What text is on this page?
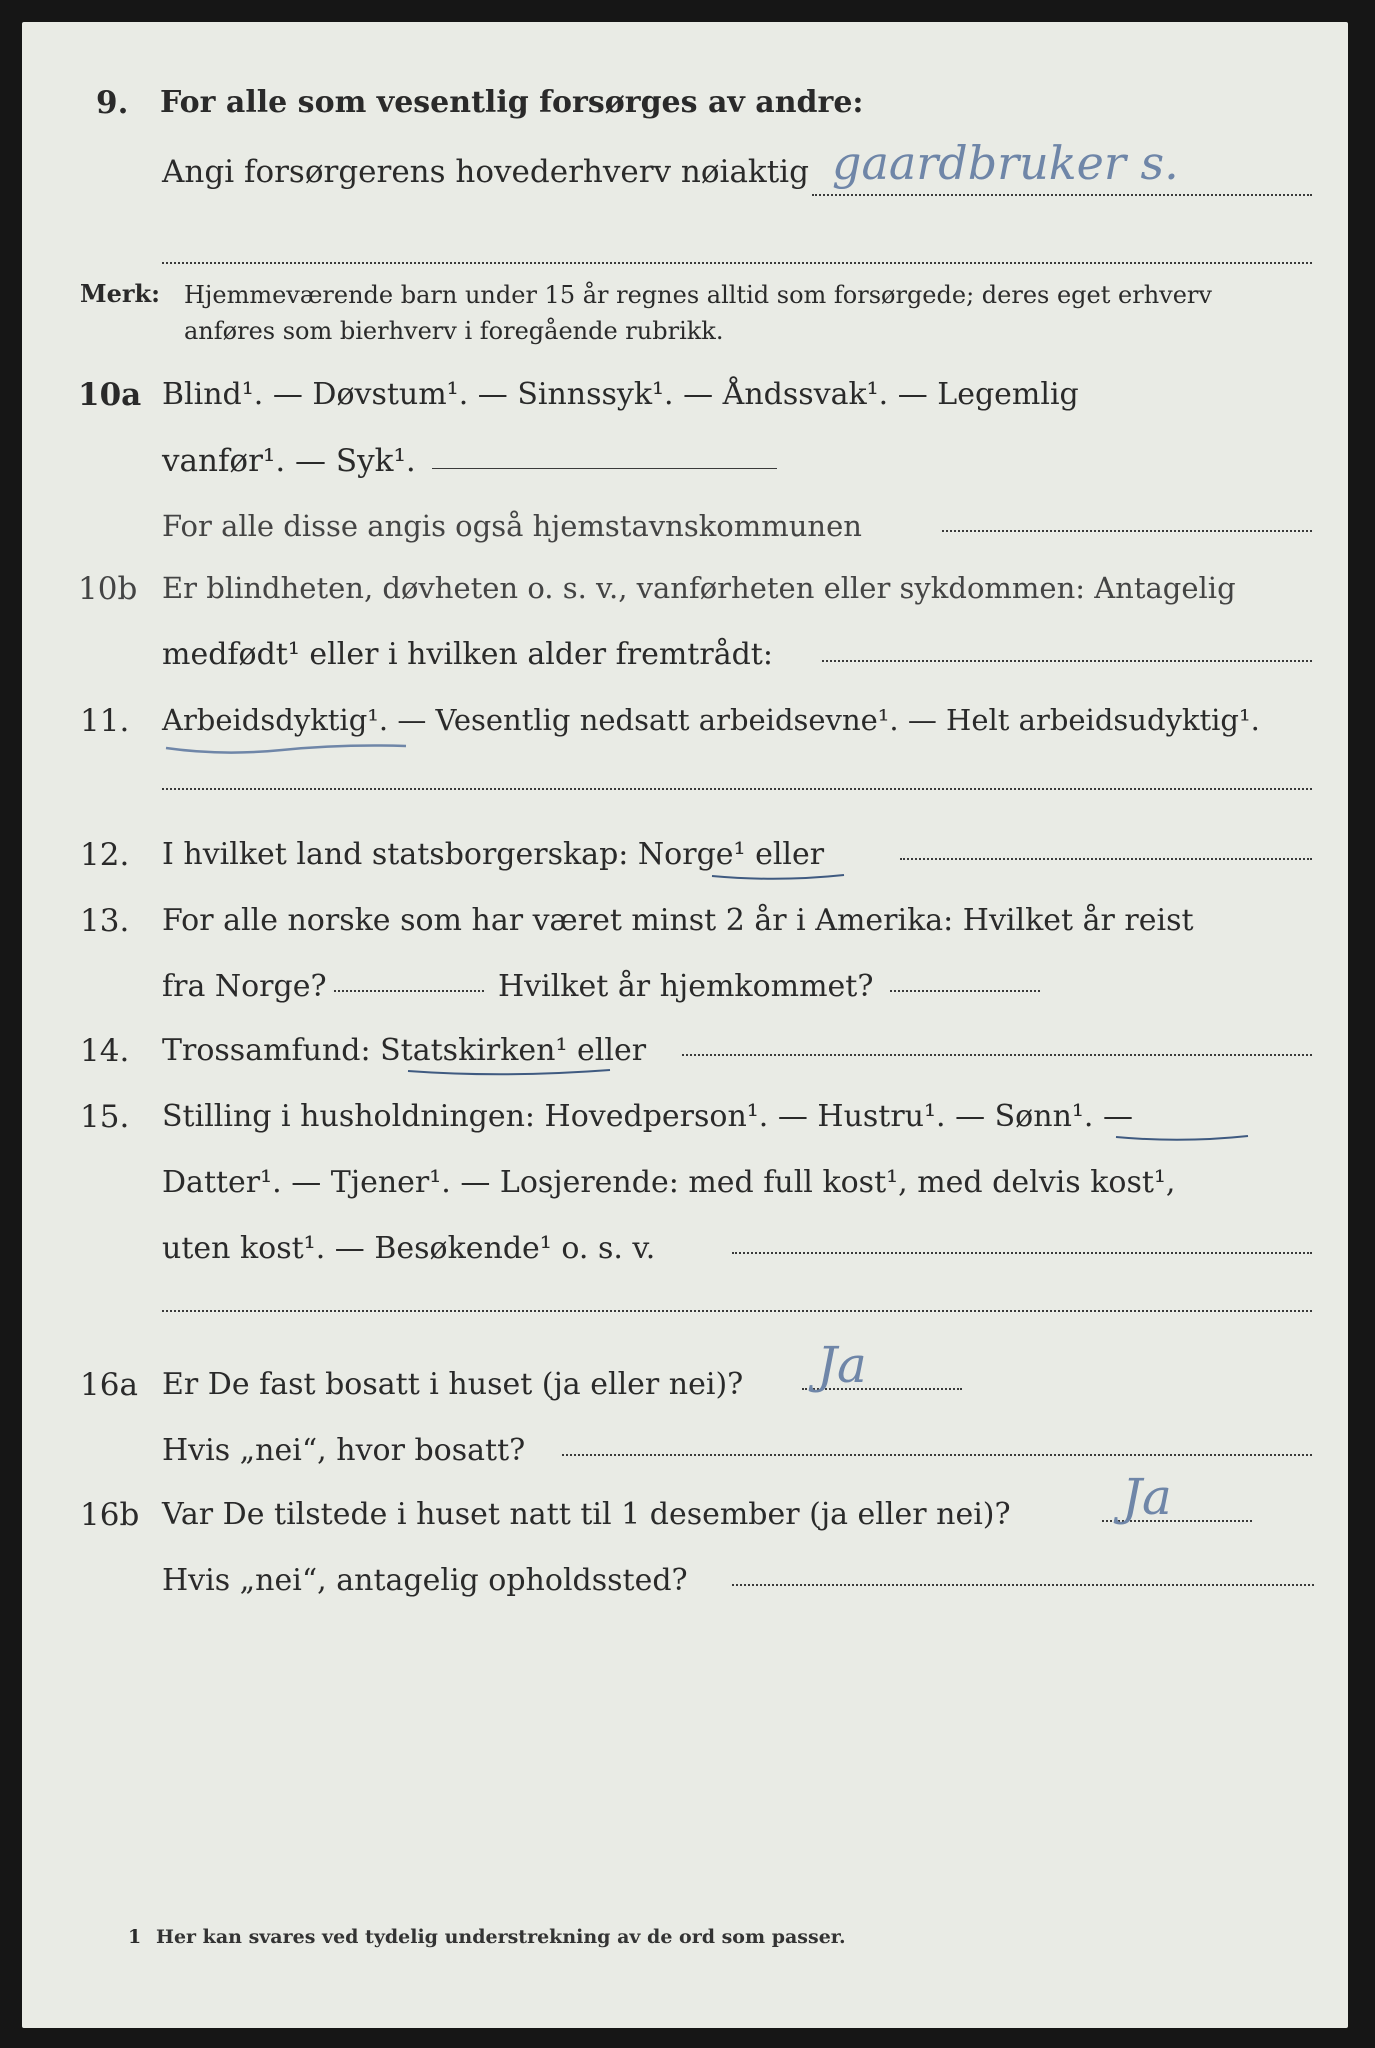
9. For alle som vesentlig forsørges av andre:
Angi forsørgerens hovederhverv nøiaktig gaardbruker s.
Merk: Hjemmeværende barn under 15 år regnes alltid som forsørgede; deres eget erhverv
anføres som bierhverv i foregående rubrikk.
10a Blind¹. — Døvstum¹. — Sinnssyk¹. — Åndssvak¹. — Legemlig
vanfør¹. — Syk¹.
For alle disse angis også hjemstavnskommunen
10b Er blindheten, døvheten o. s. v., vanførheten eller sykdommen: Antagelig
medfødt¹ eller i hvilken alder fremtrådt:
11. Arbeidsdyktig¹. — Vesentlig nedsatt arbeidsevne¹. — Helt arbeidsudyktig¹.
12. I hvilket land statsborgerskap: Norge¹ eller
13. For alle norske som har været minst 2 år i Amerika: Hvilket år reist
fra Norge?	Hvilket år hjemkommet?
14. Trossamfund: Statskirken¹ eller
15. Stilling i husholdningen: Hovedperson¹. — Hustru¹. — Sønn¹. —
Datter¹. — Tjener¹. — Losjerende: med full kost¹, med delvis kost¹,
uten kost¹. — Besøkende¹ o. s. v.
16a Er De fast bosatt i huset (ja eller nei)? Ja
Hvis „nei“, hvor bosatt?
16b Var De tilstede i huset natt til 1 desember (ja eller nei)? Ja
Hvis „nei“, antagelig opholdssted?
1 Her kan svares ved tydelig understrekning av de ord som passer.
